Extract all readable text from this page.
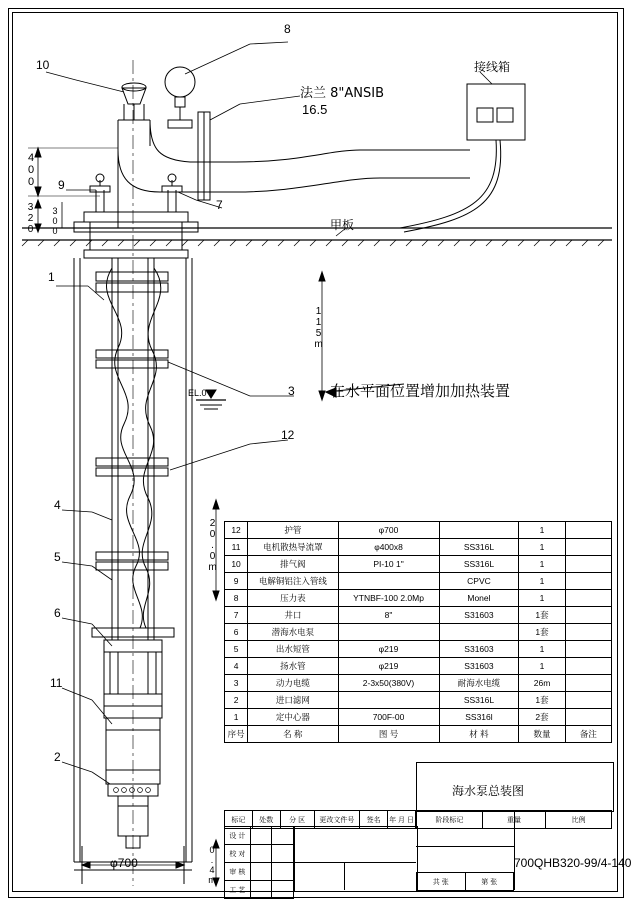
8
10
9
7
1
3
12
4
5
6
11
2
法兰 8"ANSIB
16.5
接线箱
甲板
EL.0
115m
400
320 300
20.0m
0.4m
φ700
在水平面位置增加加热装置
12	护管	φ700		1	
11	电机散热导流罩	φ400x8	SS316L	1	
10	排气阀	PI-10 1"	SS316L	1	
9	电解铜铝注入管线		CPVC	1	
8	压力表	YTNBF-100 2.0Mp	Monel	1	
7	井口	8"	S31603	1套	
6	潜海水电泵			1套	
5	出水短管	φ219	S31603	1	
4	扬水管	φ219	S31603	1	
3	动力电缆	2-3x50(380V)	耐海水电缆	26m	
2	进口滤网		SS316L	1套	
1	定中心器	700F-00	SS316l	2套	
序号	名 称	图 号	材 料	数量	备注
标记	处数	分 区	更改文件号	签名	年 月 日
设 计		
校 对		
审 核		
工 艺		
海水泵总装图
阶段标记	重量	比例
700QHB320-99/4-140
共 张	第 张
